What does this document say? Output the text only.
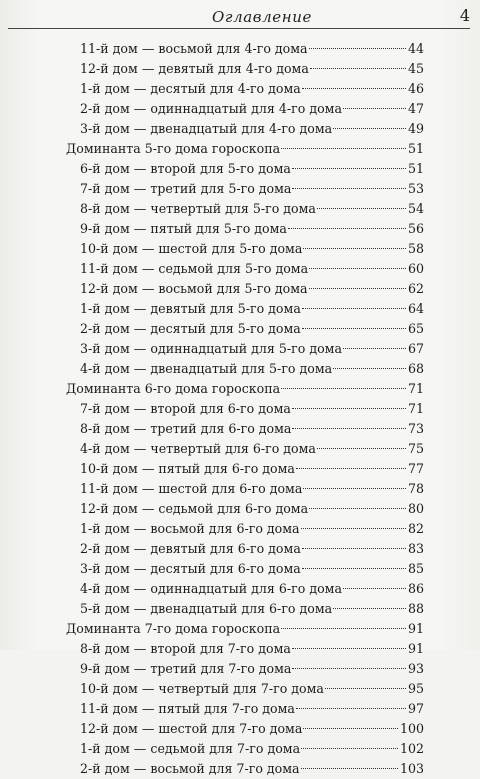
Оглавление	4
11-й дом — восьмой для 4-го дома	44
12-й дом — девятый для 4-го дома	45
1-й дом — десятый для 4-го дома	46
2-й дом — одиннадцатый для 4-го дома	47
3-й дом — двенадцатый для 4-го дома	49
Доминанта 5-го дома гороскопа	51
6-й дом — второй для 5-го дома	51
7-й дом — третий для 5-го дома	53
8-й дом — четвертый для 5-го дома	54
9-й дом — пятый для 5-го дома	56
10-й дом — шестой для 5-го дома	58
11-й дом — седьмой для 5-го дома	60
12-й дом — восьмой для 5-го дома	62
1-й дом — девятый для 5-го дома	64
2-й дом — десятый для 5-го дома	65
3-й дом — одиннадцатый для 5-го дома	67
4-й дом — двенадцатый для 5-го дома	68
Доминанта 6-го дома гороскопа	71
7-й дом — второй для 6-го дома	71
8-й дом — третий для 6-го дома	73
4-й дом — четвертый для 6-го дома	75
10-й дом — пятый для 6-го дома	77
11-й дом — шестой для 6-го дома	78
12-й дом — седьмой для 6-го дома	80
1-й дом — восьмой для 6-го дома	82
2-й дом — девятый для 6-го дома	83
3-й дом — десятый для 6-го дома	85
4-й дом — одиннадцатый для 6-го дома	86
5-й дом — двенадцатый для 6-го дома	88
Доминанта 7-го дома гороскопа	91
8-й дом — второй для 7-го дома	91
9-й дом — третий для 7-го дома	93
10-й дом — четвертый для 7-го дома	95
11-й дом — пятый для 7-го дома	97
12-й дом — шестой для 7-го дома	100
1-й дом — седьмой для 7-го дома	102
2-й дом — восьмой для 7-го дома	103
